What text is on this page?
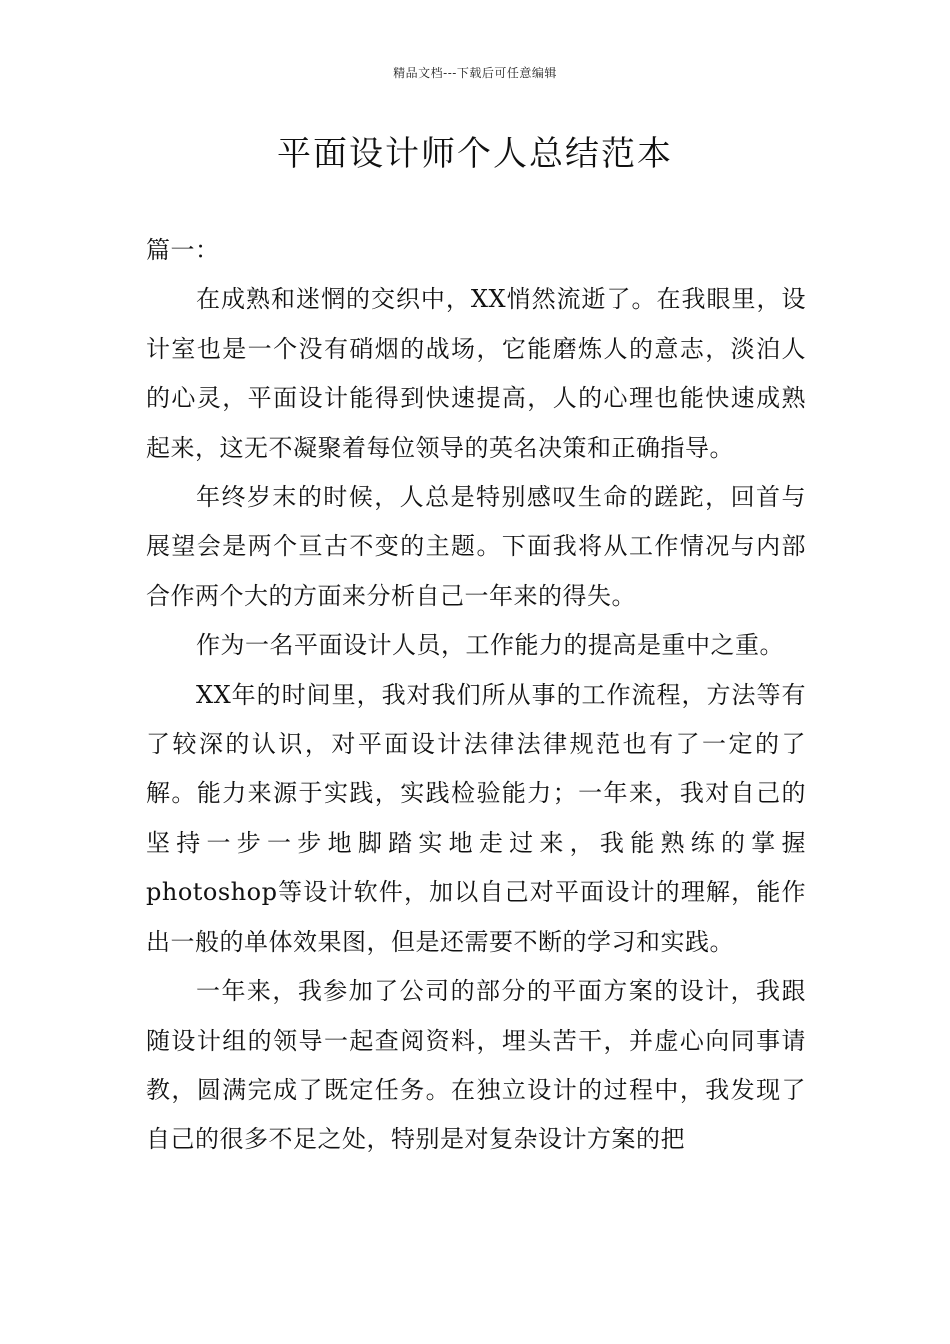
精品文档---下载后可任意编辑
平面设计师个人总结范本

篇一：

在成熟和迷惘的交织中，XX悄然流逝了。在我眼里，设计室也是一个没有硝烟的战场，它能磨炼人的意志，淡泊人的心灵，平面设计能得到快速提高，人的心理也能快速成熟起来，这无不凝聚着每位领导的英名决策和正确指导。

年终岁末的时候，人总是特别感叹生命的蹉跎，回首与展望会是两个亘古不变的主题。下面我将从工作情况与内部合作两个大的方面来分析自己一年来的得失。

作为一名平面设计人员，工作能力的提高是重中之重。

XX年的时间里，我对我们所从事的工作流程，方法等有了较深的认识，对平面设计法律法律规范也有了一定的了解。能力来源于实践，实践检验能力；一年来，我对自己的坚持一步一步地脚踏实地走过来，我能熟练的掌握photoshop等设计软件，加以自己对平面设计的理解，能作出一般的单体效果图，但是还需要不断的学习和实践。

一年来，我参加了公司的部分的平面方案的设计，我跟随设计组的领导一起查阅资料，埋头苦干，并虚心向同事请教，圆满完成了既定任务。在独立设计的过程中，我发现了自己的很多不足之处，特别是对复杂设计方案的把
